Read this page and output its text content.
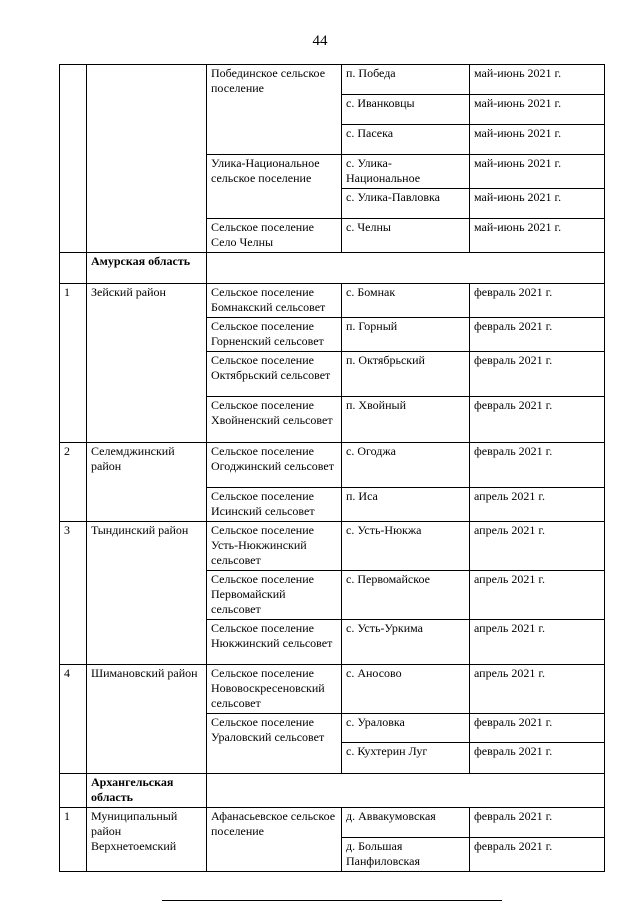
44
		Побединское сельское поселение	п. Победа	май-июнь 2021 г.
			с. Иванковцы	май-июнь 2021 г.
			с. Пасека	май-июнь 2021 г.
		Улика-Национальное сельское поселение	с. Улика-Национальное	май-июнь 2021 г.
			с. Улика-Павловка	май-июнь 2021 г.
		Сельское поселение Село Челны	с. Челны	май-июнь 2021 г.
	Амурская область			
1	Зейский район	Сельское поселение Бомнакский сельсовет	с. Бомнак	февраль 2021 г.
		Сельское поселение Горненский сельсовет	п. Горный	февраль 2021 г.
		Сельское поселение Октябрьский сельсовет	п. Октябрьский	февраль 2021 г.
		Сельское поселение Хвойненский сельсовет	п. Хвойный	февраль 2021 г.
2	Селемджинский район	Сельское поселение Огоджинский сельсовет	с. Огоджа	февраль 2021 г.
		Сельское поселение Исинский сельсовет	п. Иса	апрель 2021 г.
3	Тындинский район	Сельское поселение Усть-Нюкжинский сельсовет	с. Усть-Нюкжа	апрель 2021 г.
		Сельское поселение Первомайский сельсовет	с. Первомайское	апрель 2021 г.
		Сельское поселение Нюкжинский сельсовет	с. Усть-Уркима	апрель 2021 г.
4	Шимановский район	Сельское поселение Нововоскресеновский сельсовет	с. Аносово	апрель 2021 г.
		Сельское поселение Ураловский сельсовет	с. Ураловка	февраль 2021 г.
			с. Кухтерин Луг	февраль 2021 г.
	Архангельская область			
1	Муниципальный район Верхнетоемский	Афанасьевское сельское поселение	д. Аввакумовская	февраль 2021 г.
			д. Большая Панфиловская	февраль 2021 г.
